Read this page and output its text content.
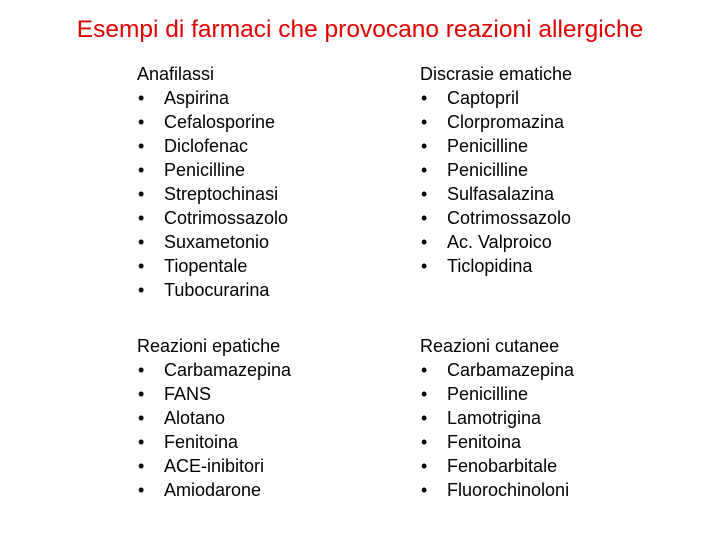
Esempi di farmaci che provocano reazioni allergiche
Anafilassi
• Aspirina
• Cefalosporine
• Diclofenac
• Penicilline
• Streptochinasi
• Cotrimossazolo
• Suxametonio
• Tiopentale
• Tubocurarina
Discrasie ematiche
• Captopril
• Clorpromazina
• Penicilline
• Penicilline
• Sulfasalazina
• Cotrimossazolo
• Ac. Valproico
• Ticlopidina
Reazioni epatiche
• Carbamazepina
• FANS
• Alotano
• Fenitoina
• ACE-inibitori
• Amiodarone
Reazioni cutanee
• Carbamazepina
• Penicilline
• Lamotrigina
• Fenitoina
• Fenobarbitale
• Fluorochinoloni
